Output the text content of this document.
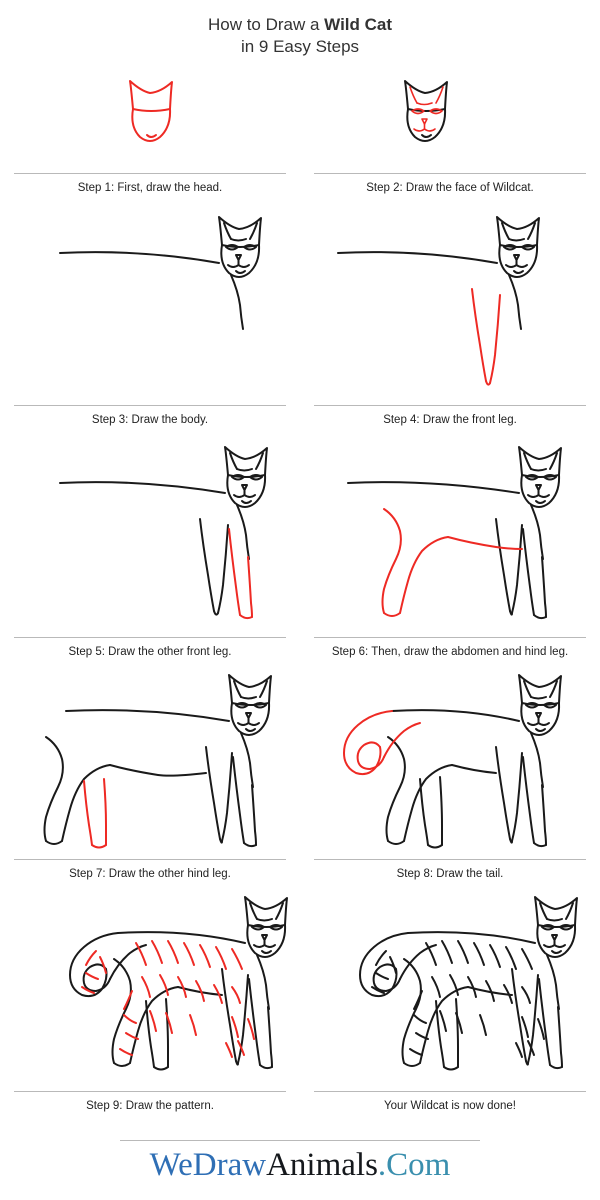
How to Draw a Wild Cat
in 9 Easy Steps
Step 1: First, draw the head.	Step 2: Draw the face of Wildcat.
Step 3: Draw the body.	Step 4: Draw the front leg.
Step 5: Draw the other front leg.	Step 6: Then, draw the abdomen and hind leg.
Step 7: Draw the other hind leg.	Step 8: Draw the tail.
Step 9: Draw the pattern.	Your Wildcat is now done!
WeDrawAnimals.Com
